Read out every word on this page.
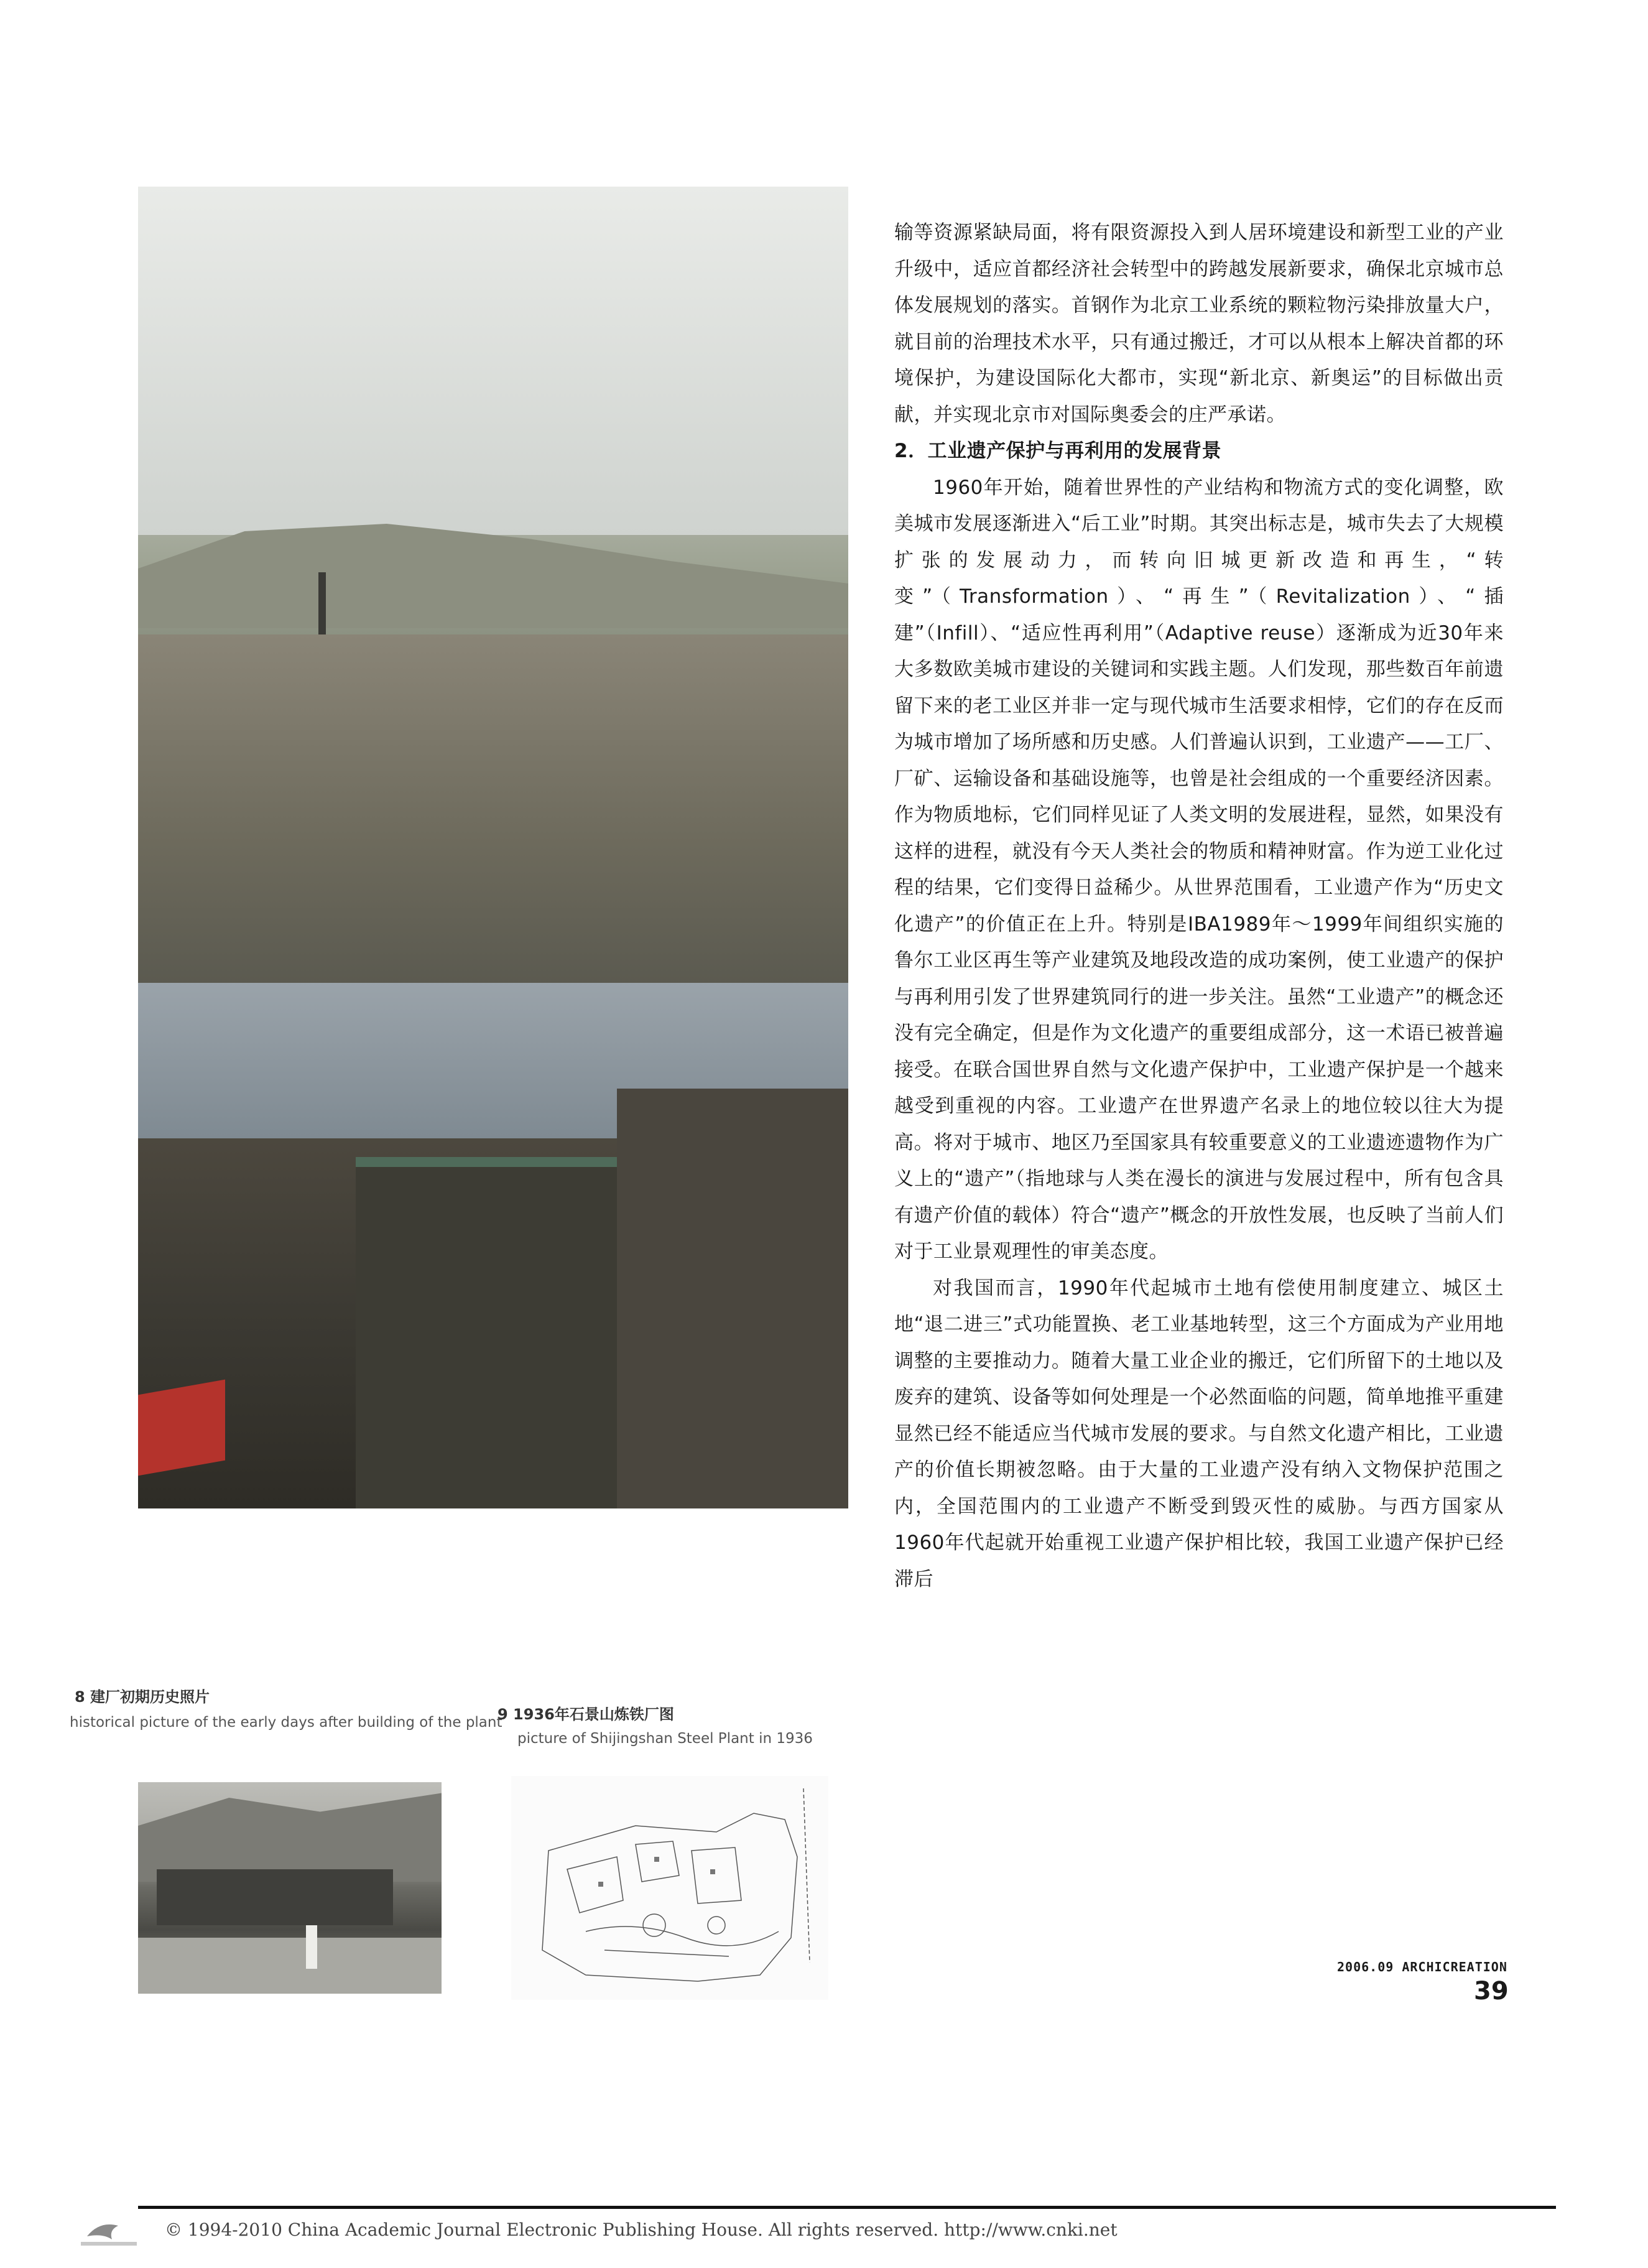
输等资源紧缺局面，将有限资源投入到人居环境建设和新型工业的产业升级中，适应首都经济社会转型中的跨越发展新要求，确保北京城市总体发展规划的落实。首钢作为北京工业系统的颗粒物污染排放量大户，就目前的治理技术水平，只有通过搬迁，才可以从根本上解决首都的环境保护，为建设国际化大都市，实现“新北京、新奥运”的目标做出贡献，并实现北京市对国际奥委会的庄严承诺。

2．工业遗产保护与再利用的发展背景

1960年开始，随着世界性的产业结构和物流方式的变化调整，欧美城市发展逐渐进入“后工业”时期。其突出标志是，城市失去了大规模扩张的发展动力，而转向旧城更新改造和再生，“转变”（Transformation）、“再生”（Revitalization）、“插建”（Infill）、“适应性再利用”（Adaptive reuse）逐渐成为近30年来大多数欧美城市建设的关键词和实践主题。人们发现，那些数百年前遗留下来的老工业区并非一定与现代城市生活要求相悖，它们的存在反而为城市增加了场所感和历史感。人们普遍认识到，工业遗产——工厂、厂矿、运输设备和基础设施等，也曾是社会组成的一个重要经济因素。作为物质地标，它们同样见证了人类文明的发展进程，显然，如果没有这样的进程，就没有今天人类社会的物质和精神财富。作为逆工业化过程的结果，它们变得日益稀少。从世界范围看，工业遗产作为“历史文化遗产”的价值正在上升。特别是IBA1989年～1999年间组织实施的鲁尔工业区再生等产业建筑及地段改造的成功案例，使工业遗产的保护与再利用引发了世界建筑同行的进一步关注。虽然“工业遗产”的概念还没有完全确定，但是作为文化遗产的重要组成部分，这一术语已被普遍接受。在联合国世界自然与文化遗产保护中，工业遗产保护是一个越来越受到重视的内容。工业遗产在世界遗产名录上的地位较以往大为提高。将对于城市、地区乃至国家具有较重要意义的工业遗迹遗物作为广义上的“遗产”（指地球与人类在漫长的演进与发展过程中，所有包含具有遗产价值的载体）符合“遗产”概念的开放性发展，也反映了当前人们对于工业景观理性的审美态度。

对我国而言，1990年代起城市土地有偿使用制度建立、城区土地“退二进三”式功能置换、老工业基地转型，这三个方面成为产业用地调整的主要推动力。随着大量工业企业的搬迁，它们所留下的土地以及废弃的建筑、设备等如何处理是一个必然面临的问题，简单地推平重建显然已经不能适应当代城市发展的要求。与自然文化遗产相比，工业遗产的价值长期被忽略。由于大量的工业遗产没有纳入文物保护范围之内，全国范围内的工业遗产不断受到毁灭性的威胁。与西方国家从1960年代起就开始重视工业遗产保护相比较，我国工业遗产保护已经滞后

8 建厂初期历史照片
historical picture of the early days after building of the plant
9 1936年石景山炼铁厂图
picture of Shijingshan Steel Plant in 1936
2006.09 ARCHICREATION
39
© 1994-2010 China Academic Journal Electronic Publishing House. All rights reserved. http://www.cnki.net
